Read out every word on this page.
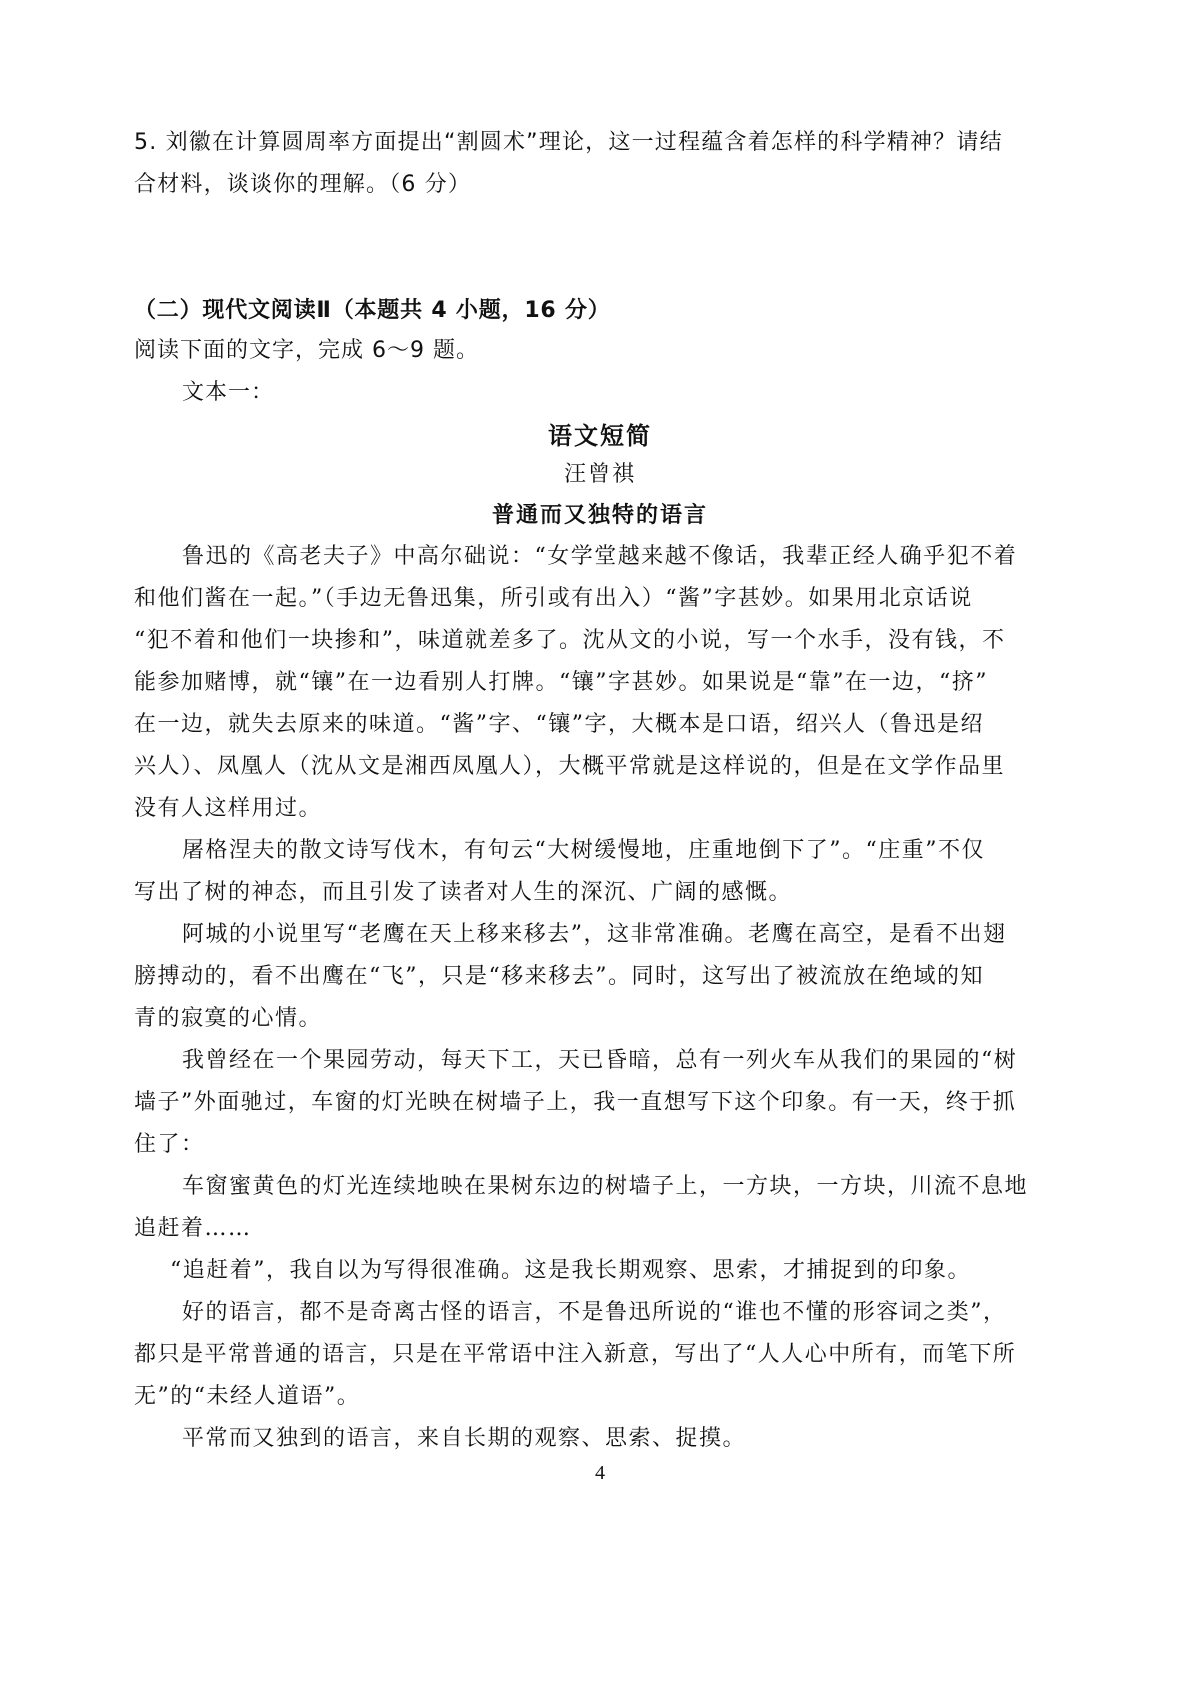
5. 刘徽在计算圆周率方面提出“割圆术”理论，这一过程蕴含着怎样的科学精神？请结
合材料，谈谈你的理解。（6 分）
（二）现代文阅读Ⅱ（本题共 4 小题，16 分）
阅读下面的文字，完成 6～9 题。
文本一：
语文短简
汪曾祺
普通而又独特的语言
鲁迅的《高老夫子》中高尔础说：“女学堂越来越不像话，我辈正经人确乎犯不着
和他们酱在一起。”（手边无鲁迅集，所引或有出入）“酱”字甚妙。如果用北京话说
“犯不着和他们一块掺和”，味道就差多了。沈从文的小说，写一个水手，没有钱，不
能参加赌博，就“镶”在一边看别人打牌。“镶”字甚妙。如果说是“靠”在一边，“挤”
在一边，就失去原来的味道。“酱”字、“镶”字，大概本是口语，绍兴人（鲁迅是绍
兴人）、凤凰人（沈从文是湘西凤凰人），大概平常就是这样说的，但是在文学作品里
没有人这样用过。
屠格涅夫的散文诗写伐木，有句云“大树缓慢地，庄重地倒下了”。“庄重”不仅
写出了树的神态，而且引发了读者对人生的深沉、广阔的感慨。
阿城的小说里写“老鹰在天上移来移去”，这非常准确。老鹰在高空，是看不出翅
膀搏动的，看不出鹰在“飞”，只是“移来移去”。同时，这写出了被流放在绝域的知
青的寂寞的心情。
我曾经在一个果园劳动，每天下工，天已昏暗，总有一列火车从我们的果园的“树
墙子”外面驰过，车窗的灯光映在树墙子上，我一直想写下这个印象。有一天，终于抓
住了：
车窗蜜黄色的灯光连续地映在果树东边的树墙子上，一方块，一方块，川流不息地
追赶着……
“追赶着”，我自以为写得很准确。这是我长期观察、思索，才捕捉到的印象。
好的语言，都不是奇离古怪的语言，不是鲁迅所说的“谁也不懂的形容词之类”，
都只是平常普通的语言，只是在平常语中注入新意，写出了“人人心中所有，而笔下所
无”的“未经人道语”。
平常而又独到的语言，来自长期的观察、思索、捉摸。
4
